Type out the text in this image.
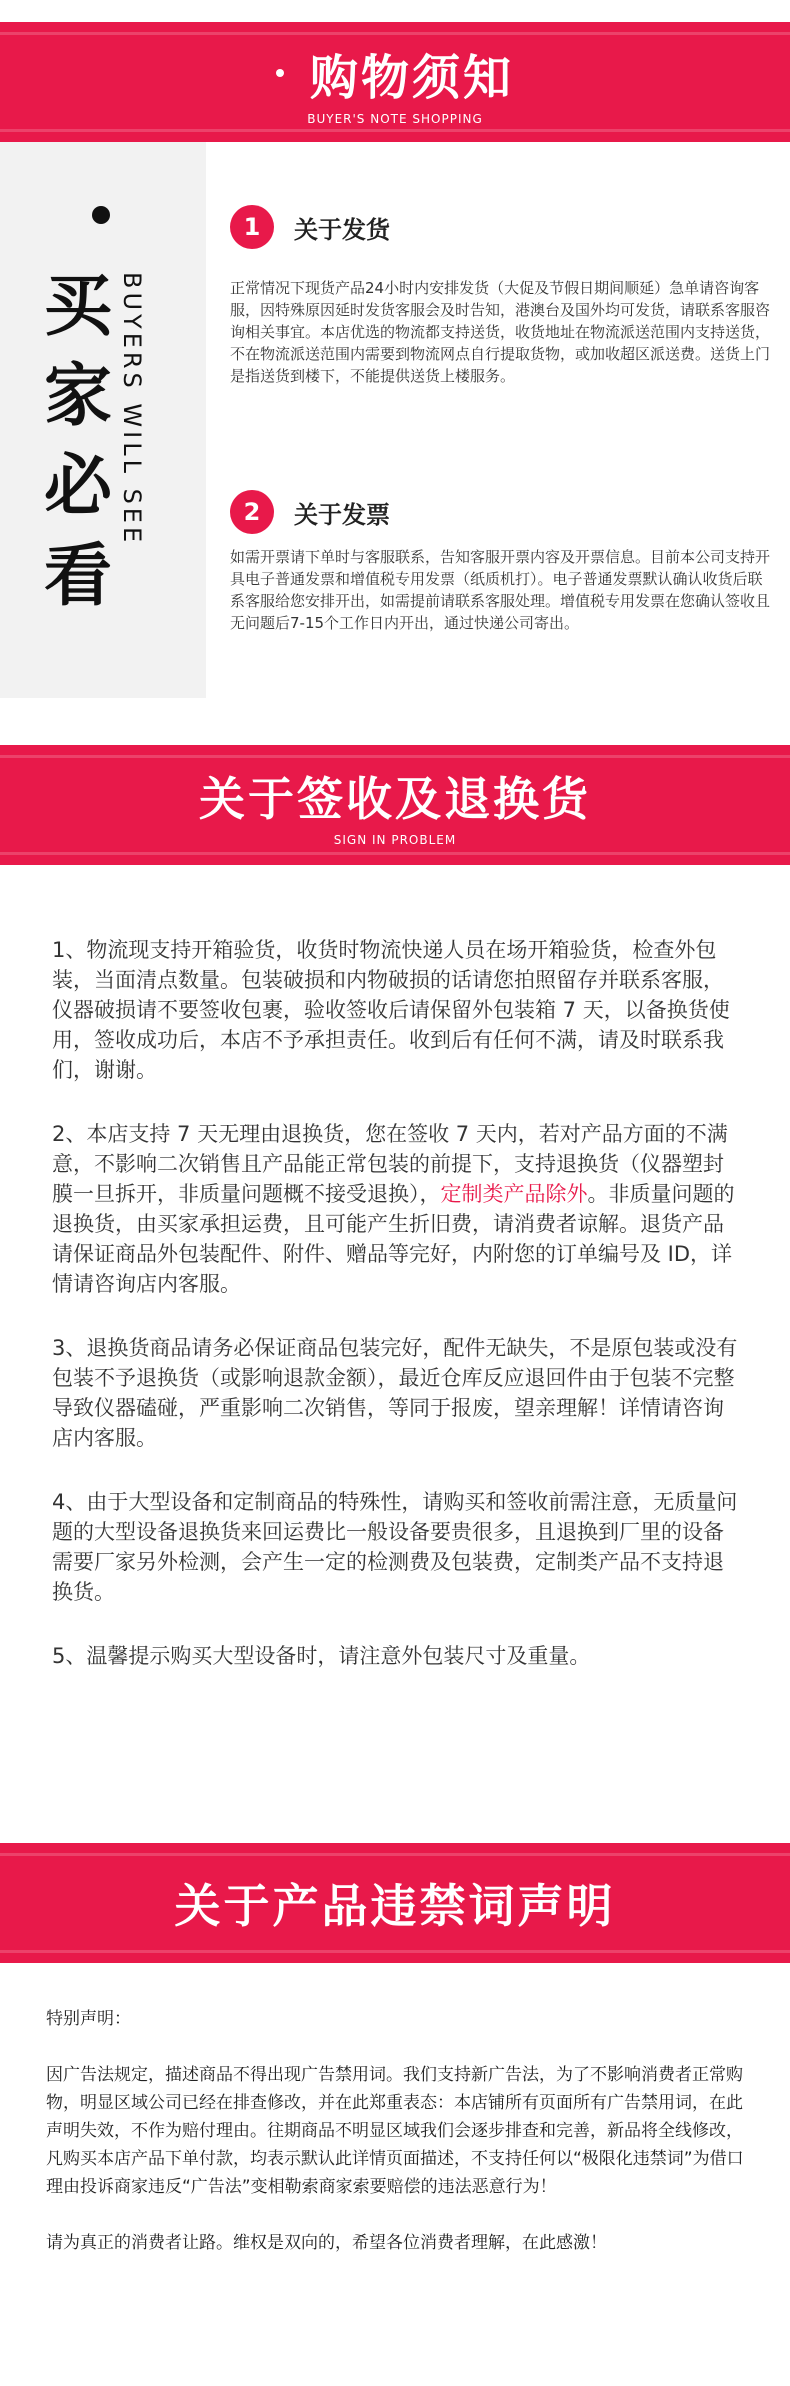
购物须知
BUYER'S NOTE SHOPPING
买家必看
BUYERS WILL SEE
1	关于发货
正常情况下现货产品24小时内安排发货（大促及节假日期间顺延）急单请咨询客服，因特殊原因延时发货客服会及时告知，港澳台及国外均可发货，请联系客服咨询相关事宜。本店优选的物流都支持送货，收货地址在物流派送范围内支持送货，不在物流派送范围内需要到物流网点自行提取货物，或加收超区派送费。送货上门是指送货到楼下，不能提供送货上楼服务。
2	关于发票
如需开票请下单时与客服联系，告知客服开票内容及开票信息。目前本公司支持开具电子普通发票和增值税专用发票（纸质机打）。电子普通发票默认确认收货后联系客服给您安排开出，如需提前请联系客服处理。增值税专用发票在您确认签收且无问题后7-15个工作日内开出，通过快递公司寄出。
关于签收及退换货
SIGN IN PROBLEM
1、物流现支持开箱验货，收货时物流快递人员在场开箱验货，检查外包装，当面清点数量。包装破损和内物破损的话请您拍照留存并联系客服，仪器破损请不要签收包裹，验收签收后请保留外包装箱 7 天，以备换货使用，签收成功后，本店不予承担责任。收到后有任何不满，请及时联系我们，谢谢。
2、本店支持 7 天无理由退换货，您在签收 7 天内，若对产品方面的不满意，不影响二次销售且产品能正常包装的前提下，支持退换货（仪器塑封膜一旦拆开，非质量问题概不接受退换），定制类产品除外。非质量问题的退换货，由买家承担运费，且可能产生折旧费，请消费者谅解。退货产品请保证商品外包装配件、附件、赠品等完好，内附您的订单编号及 ID，详情请咨询店内客服。
3、退换货商品请务必保证商品包装完好，配件无缺失，不是原包装或没有包装不予退换货（或影响退款金额），最近仓库反应退回件由于包装不完整导致仪器磕碰，严重影响二次销售，等同于报废，望亲理解！详情请咨询店内客服。
4、由于大型设备和定制商品的特殊性，请购买和签收前需注意，无质量问题的大型设备退换货来回运费比一般设备要贵很多，且退换到厂里的设备需要厂家另外检测，会产生一定的检测费及包装费，定制类产品不支持退换货。
5、温馨提示购买大型设备时，请注意外包装尺寸及重量。
关于产品违禁词声明

特别声明：

因广告法规定，描述商品不得出现广告禁用词。我们支持新广告法，为了不影响消费者正常购物，明显区域公司已经在排查修改，并在此郑重表态：本店铺所有页面所有广告禁用词，在此声明失效，不作为赔付理由。往期商品不明显区域我们会逐步排查和完善，新品将全线修改，凡购买本店产品下单付款，均表示默认此详情页面描述，不支持任何以“极限化违禁词”为借口理由投诉商家违反“广告法”变相勒索商家索要赔偿的违法恶意行为！

请为真正的消费者让路。维权是双向的，希望各位消费者理解，在此感激！
